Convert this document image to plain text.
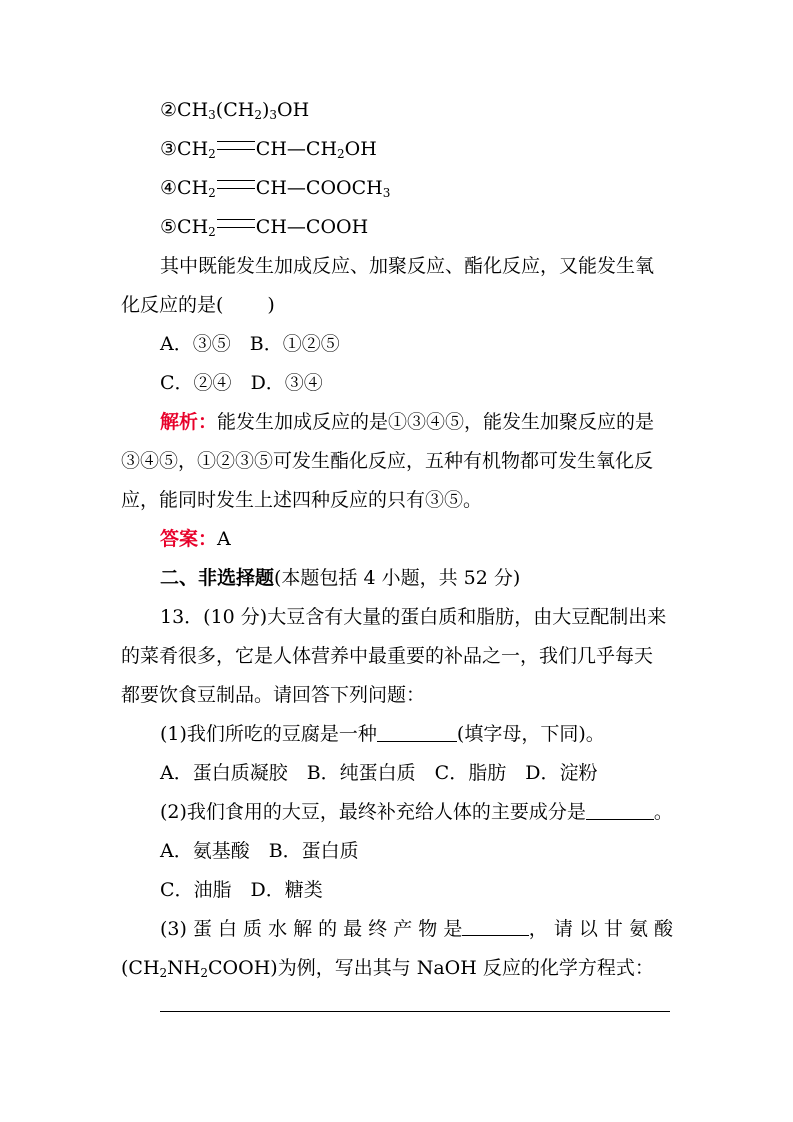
$②CH_3(CH_2)_3OH$
$③CH_2$ $CH—CH_2OH$
$④CH_2$ $CH—COOCH_3$
$⑤CH_2$ CH—COOH
其中既能发生加成反应、加聚反应、酯化反应，又能发生氧
化反应的是( )
A．③⑤　 B．①②⑤
C．②④　 D．③④
解析：能发生加成反应的是①③④⑤，能发生加聚反应的是
③④⑤，①②③⑤可发生酯化反应，五种有机物都可发生氧化反
应，能同时发生上述四种反应的只有③⑤。
答案：A
二、非选择题(本题包括 4 小题，共 52 分)
13．(10 分)大豆含有大量的蛋白质和脂肪，由大豆配制出来
的菜肴很多，它是人体营养中最重要的补品之一，我们几乎每天
都要饮食豆制品。请回答下列问题：
(1)我们所吃的豆腐是一种	(填字母，下同)。
A．蛋白质凝胶　B．纯蛋白质　C．脂肪　D．淀粉
(2)我们食用的大豆，最终补充给人体的主要成分是	。
A．氨基酸　B．蛋白质
C．油脂　D．糖类
(3) 蛋 白 质 水 解 的 最 终 产 物 是	， 请 以 甘 氨 酸
$(CH_2NH_2COOH)$为例，写出其与 NaOH 反应的化学方程式：
